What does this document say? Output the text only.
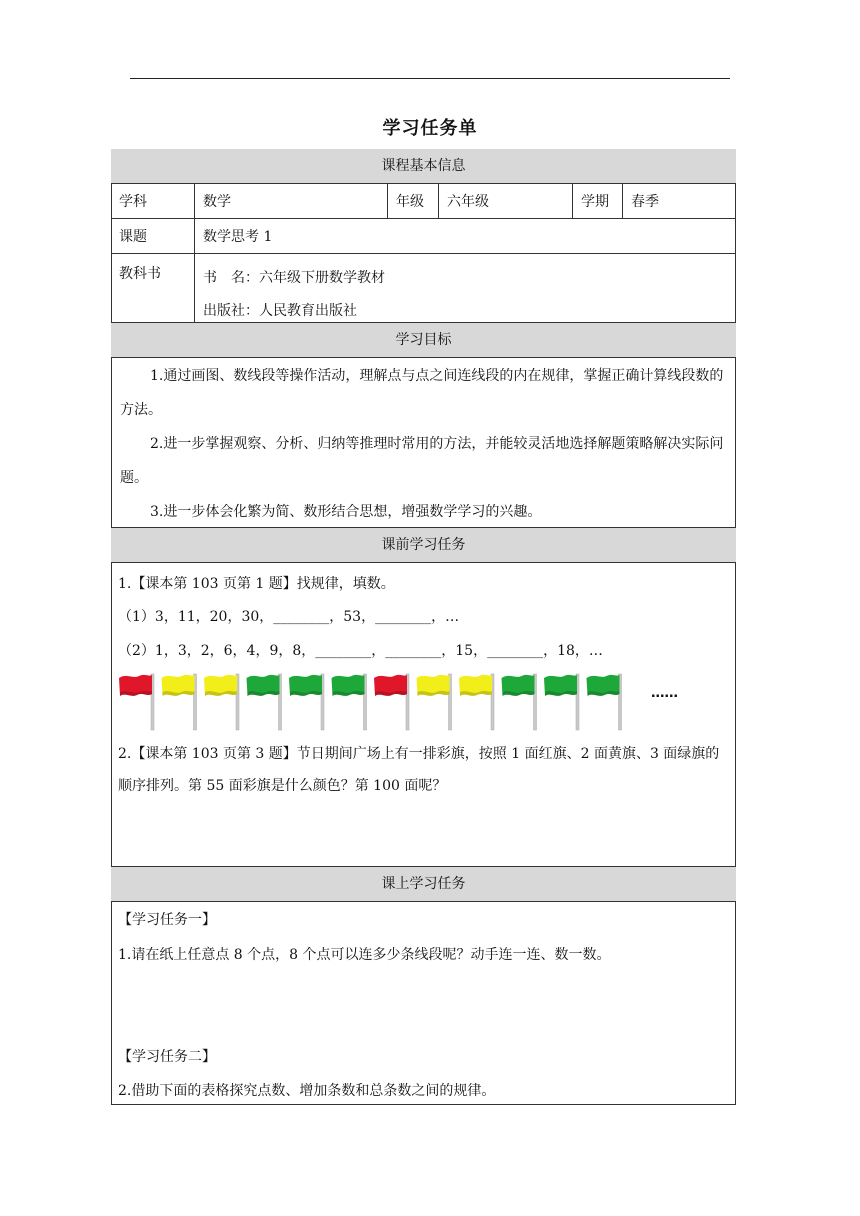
学习任务单
课程基本信息
学科	数学	年级	六年级	学期	春季
课题	数学思考 1
教科书	书　名：六年级下册数学教材
出版社：人民教育出版社
学习目标
1.通过画图、数线段等操作活动，理解点与点之间连线段的内在规律，掌握正确计算线段数的方法。
2.进一步掌握观察、分析、归纳等推理时常用的方法，并能较灵活地选择解题策略解决实际问题。
3.进一步体会化繁为简、数形结合思想，增强数学学习的兴趣。
课前学习任务
1.【课本第 103 页第 1 题】找规律，填数。
（1）3，11，20，30，________，53，________，…
（2）1，3，2，6，4，9，8，________，________，15，________，18，…
……
2.【课本第 103 页第 3 题】节日期间广场上有一排彩旗，按照 1 面红旗、2 面黄旗、3 面绿旗的顺序排列。第 55 面彩旗是什么颜色？第 100 面呢？
课上学习任务
【学习任务一】
1.请在纸上任意点 8 个点，8 个点可以连多少条线段呢？动手连一连、数一数。
【学习任务二】
2.借助下面的表格探究点数、增加条数和总条数之间的规律。
